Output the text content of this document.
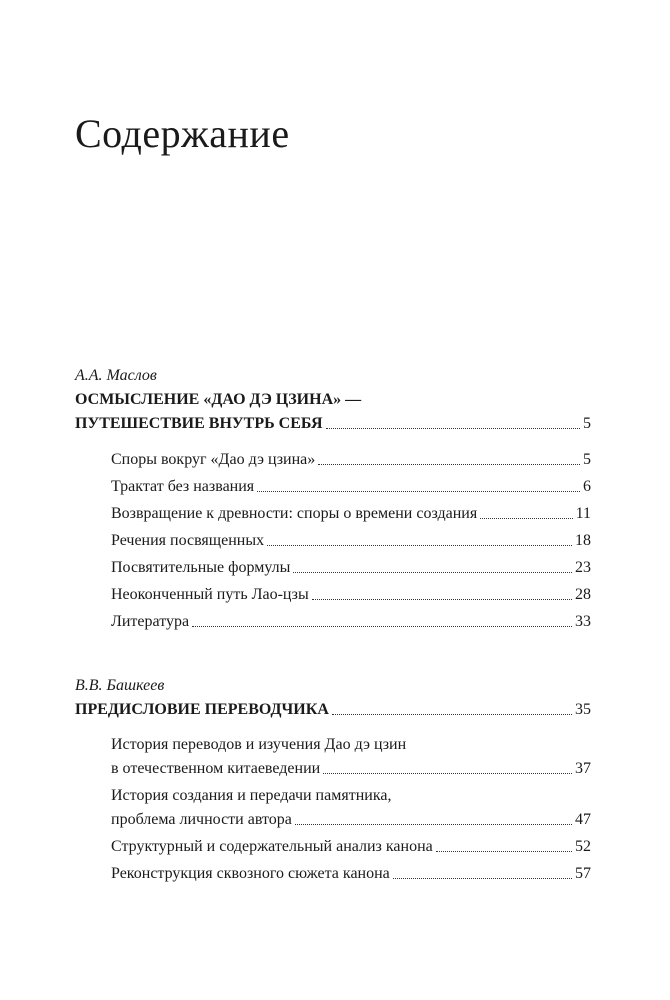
Содержание
А.А. Маслов
ОСМЫСЛЕНИЕ «ДАО ДЭ ЦЗИНА» —
ПУТЕШЕСТВИЕ ВНУТРЬ СЕБЯ	5
Споры вокруг «Дао дэ цзина»	5
Трактат без названия	6
Возвращение к древности: споры о времени создания	11
Речения посвященных	18
Посвятительные формулы	23
Неоконченный путь Лао-цзы	28
Литература	33
В.В. Башкеев
ПРЕДИСЛОВИЕ ПЕРЕВОДЧИКА	35
История переводов и изучения Дао дэ цзин
в отечественном китаеведении	37
История создания и передачи памятника,
проблема личности автора	47
Структурный и содержательный анализ канона	52
Реконструкция сквозного сюжета канона	57
